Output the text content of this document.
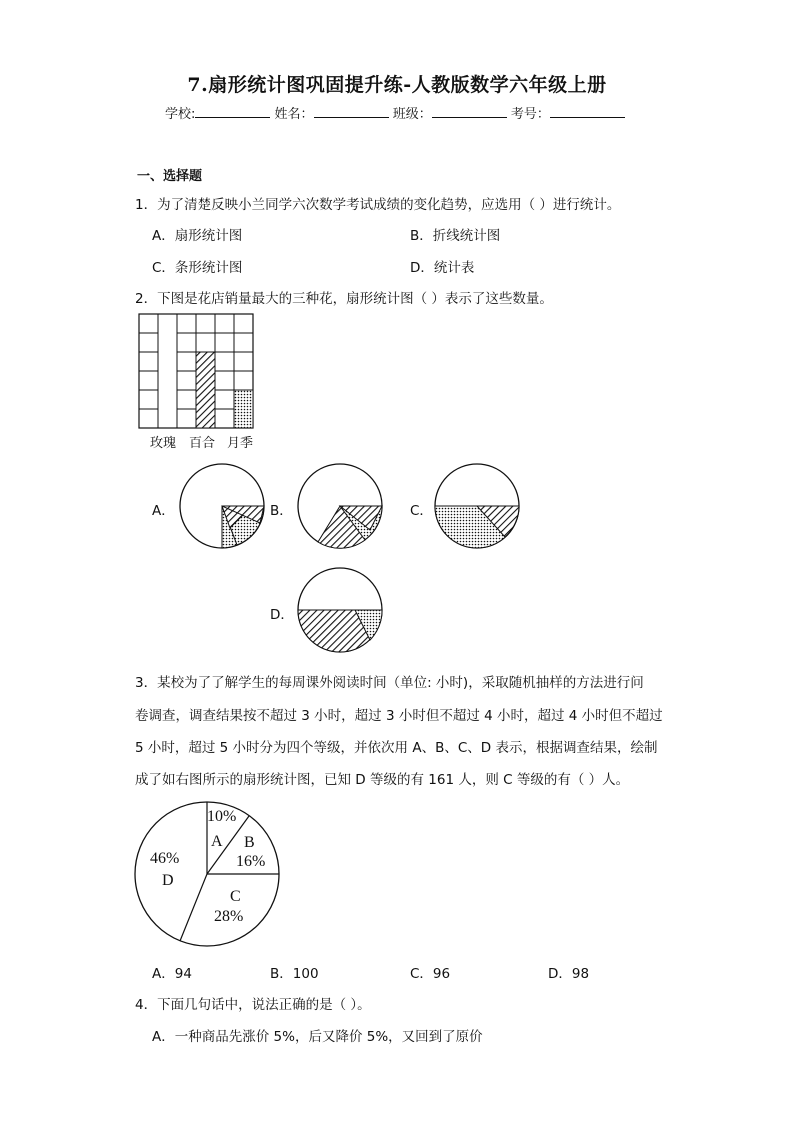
7.扇形统计图巩固提升练-人教版数学六年级上册
学校:	姓名：	班级：	考号：
一、选择题
1．为了清楚反映小兰同学六次数学考试成绩的变化趋势，应选用（ ）进行统计。
A．扇形统计图	B．折线统计图
C．条形统计图	D．统计表
2．下图是花店销量最大的三种花，扇形统计图（ ）表示了这些数量。
玫瑰 百合 月季
A．	B．	C．
D．
3．某校为了了解学生的每周课外阅读时间（单位: 小时)，采取随机抽样的方法进行问
卷调查，调查结果按不超过 3 小时，超过 3 小时但不超过 4 小时，超过 4 小时但不超过
5 小时，超过 5 小时分为四个等级，并依次用 A、B、C、D 表示，根据调查结果，绘制
成了如右图所示的扇形统计图，已知 D 等级的有 161 人，则 C 等级的有（ ）人。
10%
A B
16%
C
28%
46%
D
A．94	B．100	C．96	D．98
4．下面几句话中，说法正确的是（ ）。
A．一种商品先涨价 5%，后又降价 5%，又回到了原价
